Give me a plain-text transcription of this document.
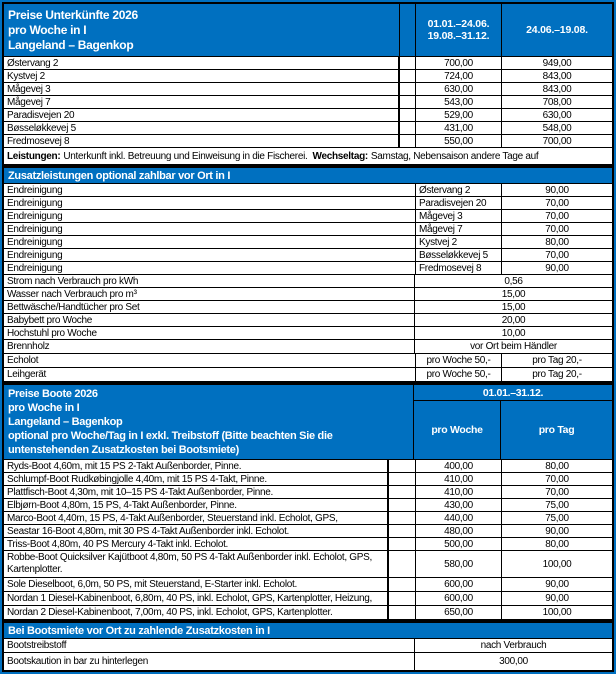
Preise Unterkünfte 2026
pro Woche in I
Langeland – Bagenkop
01.01.–24.06.
19.08.–31.12.	24.06.–19.08.
Østervang 2	700,00	949,00
Kystvej 2	724,00	843,00
Mågevej 3	630,00	843,00
Mågevej 7	543,00	708,00
Paradisvejen 20	529,00	630,00
Bøsseløkkevej 5	431,00	548,00
Fredmosevej 8	550,00	700,00
Leistungen: Unterkunft inkl. Betreuung und Einweisung in die Fischerei. Wechseltag: Samstag, Nebensaison andere Tage auf
Zusatzleistungen optional zahlbar vor Ort in I
Endreinigung	Østervang 2	90,00
Endreinigung	Paradisvejen 20	70,00
Endreinigung	Mågevej 3	70,00
Endreinigung	Mågevej 7	70,00
Endreinigung	Kystvej 2	80,00
Endreinigung	Bøsseløkkevej 5	70,00
Endreinigung	Fredmosevej 8	90,00
Strom nach Verbrauch pro kWh	0,56
Wasser nach Verbrauch pro m³	15,00
Bettwäsche/Handtücher pro Set	15,00
Babybett pro Woche	20,00
Hochstuhl pro Woche	10,00
Brennholz	vor Ort beim Händler
Echolot	pro Woche 50,-	pro Tag 20,-
Leihgerät	pro Woche 50,-	pro Tag 20,-
Preise Boote 2026
pro Woche in I
Langeland – Bagenkop
optional pro Woche/Tag in I exkl. Treibstoff (Bitte beachten Sie die
untenstehenden Zusatzkosten bei Bootsmiete)
01.01.–31.12.
pro Woche	pro Tag
Ryds-Boot 4,60m, mit 15 PS 2-Takt Außenborder, Pinne.	400,00	80,00
Schlumpf-Boot Rudkøbingjolle 4,40m, mit 15 PS 4-Takt, Pinne.	410,00	70,00
Plattfisch-Boot 4,30m, mit 10–15 PS 4-Takt Außenborder, Pinne.	410,00	70,00
Elbjørn-Boot 4,80m, 15 PS, 4-Takt Außenborder, Pinne.	430,00	75,00
Marco-Boot 4,40m, 15 PS, 4-Takt Außenborder, Steuerstand inkl. Echolot, GPS,	440,00	75,00
Seastar 16-Boot 4,80m, mit 30 PS 4-Takt Außenborder inkl. Echolot.	480,00	90,00
Triss-Boot 4,80m, 40 PS Mercury 4-Takt inkl. Echolot.	500,00	80,00
Robbe-Boot Quicksilver Kajütboot 4,80m, 50 PS 4-Takt Außenborder inkl. Echolot, GPS, Kartenplotter.	580,00	100,00
Sole Dieselboot, 6,0m, 50 PS, mit Steuerstand, E-Starter inkl. Echolot.	600,00	90,00
Nordan 1 Diesel-Kabinenboot, 6,80m, 40 PS, inkl. Echolot, GPS, Kartenplotter, Heizung,	600,00	90,00
Nordan 2 Diesel-Kabinenboot, 7,00m, 40 PS, inkl. Echolot, GPS, Kartenplotter.	650,00	100,00
Bei Bootsmiete vor Ort zu zahlende Zusatzkosten in I
Bootstreibstoff	nach Verbrauch
Bootskaution in bar zu hinterlegen	300,00
